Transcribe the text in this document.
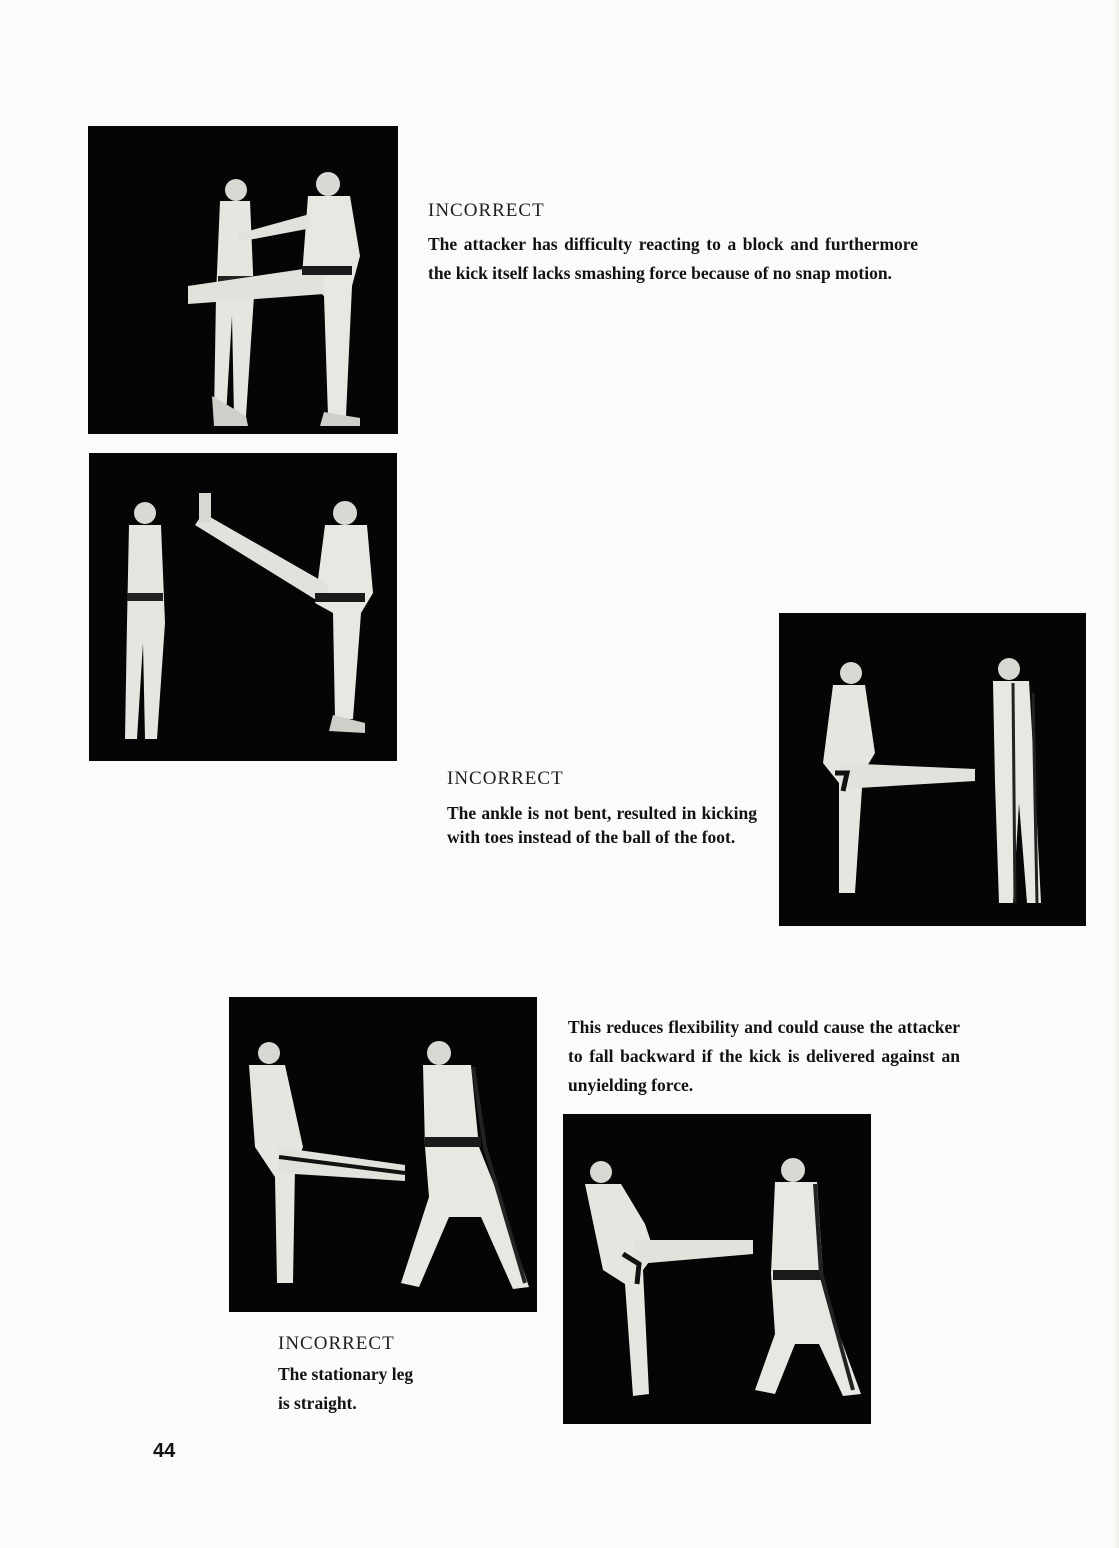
INCORRECT
The attacker has difficulty reacting to a block and furthermore the kick itself lacks smashing force because of no snap motion.
INCORRECT
The ankle is not bent, resulted in kicking with toes instead of the ball of the foot.
This reduces flexibility and could cause the attacker to fall backward if the kick is delivered against an unyielding force.
INCORRECT
The stationary leg
is straight.
44
